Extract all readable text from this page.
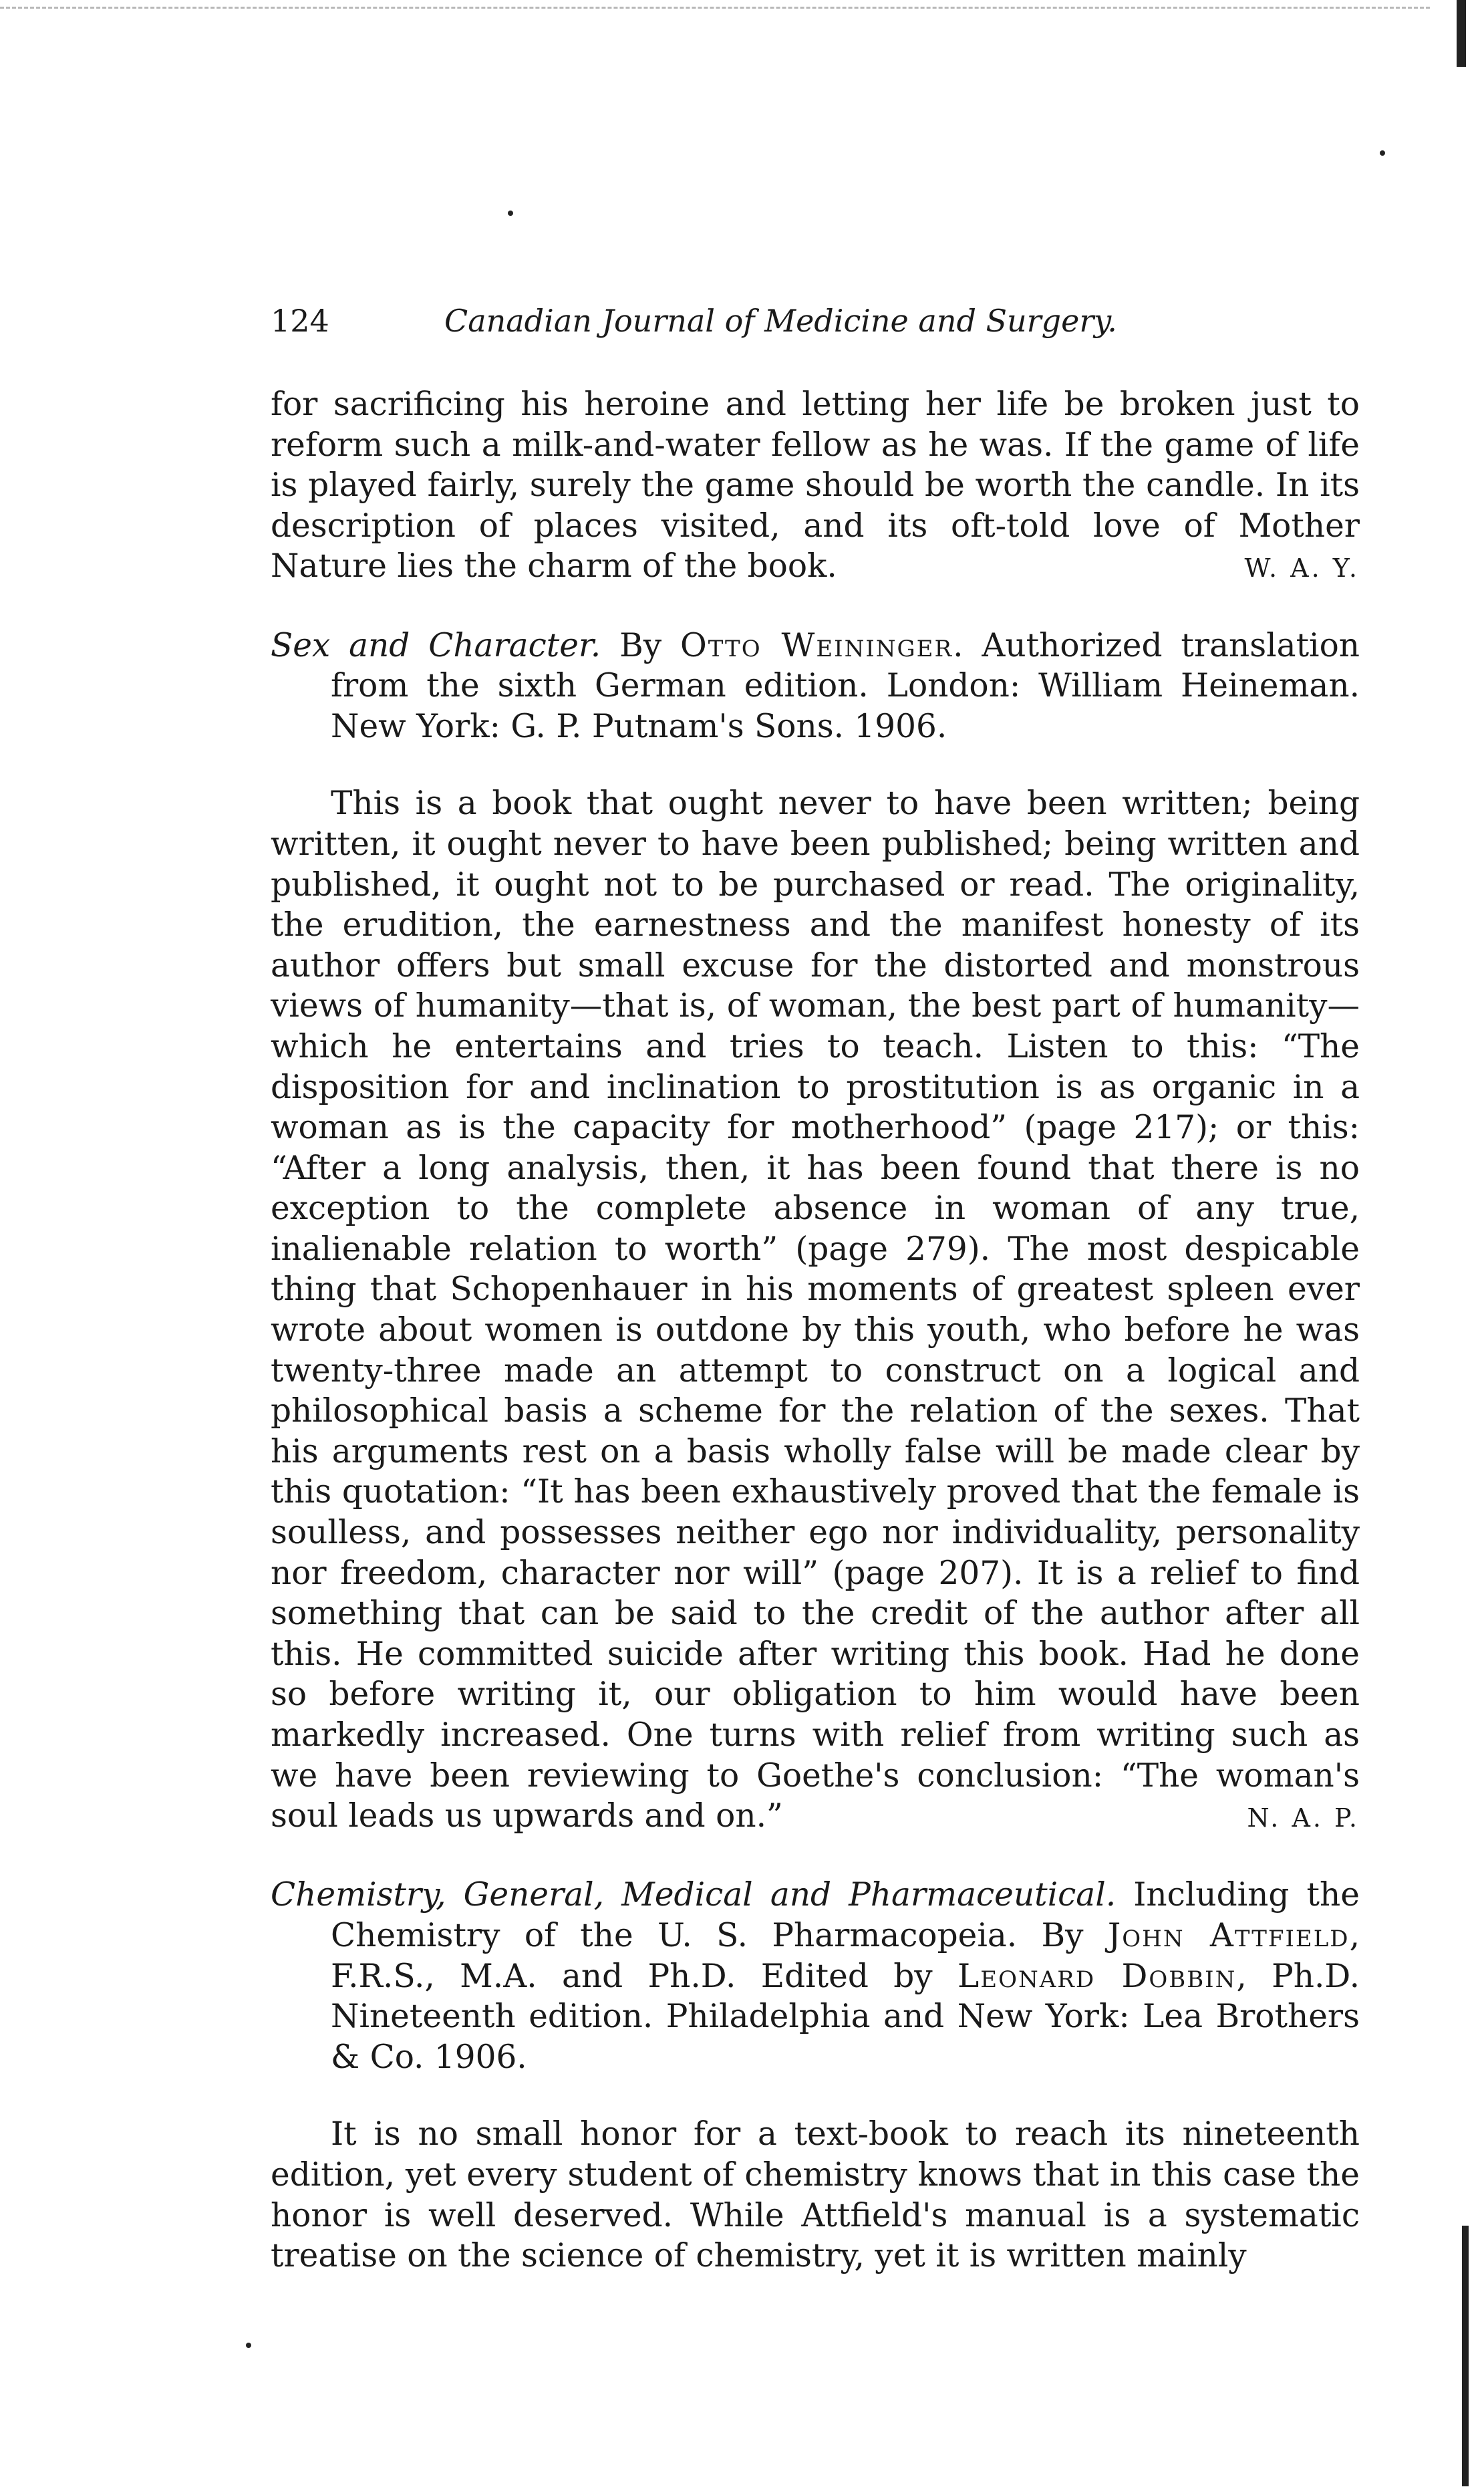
124	Canadian Journal of Medicine and Surgery.

for sacrificing his heroine and letting her life be broken just to reform such a milk-and-water fellow as he was. If the game of life is played fairly, surely the game should be worth the candle. In its description of places visited, and its oft-told love of Mother Nature lies the charm of the book.	W. A. Y.

Sex and Character. By Otto Weininger. Authorized translation from the sixth German edition. London: William Heineman. New York: G. P. Putnam's Sons. 1906.

This is a book that ought never to have been written; being written, it ought never to have been published; being written and published, it ought not to be purchased or read. The originality, the erudition, the earnestness and the manifest honesty of its author offers but small excuse for the distorted and monstrous views of humanity—that is, of woman, the best part of humanity—which he entertains and tries to teach. Listen to this: “The disposition for and inclination to prostitution is as organic in a woman as is the capacity for motherhood” (page 217); or this: “After a long analysis, then, it has been found that there is no exception to the complete absence in woman of any true, inalienable relation to worth” (page 279). The most despicable thing that Schopenhauer in his moments of greatest spleen ever wrote about women is outdone by this youth, who before he was twenty-three made an attempt to construct on a logical and philosophical basis a scheme for the relation of the sexes. That his arguments rest on a basis wholly false will be made clear by this quotation: “It has been exhaustively proved that the female is soulless, and possesses neither ego nor individuality, personality nor freedom, character nor will” (page 207). It is a relief to find something that can be said to the credit of the author after all this. He committed suicide after writing this book. Had he done so before writing it, our obligation to him would have been markedly increased. One turns with relief from writing such as we have been reviewing to Goethe's conclusion: “The woman's soul leads us upwards and on.”	N. A. P.

Chemistry, General, Medical and Pharmaceutical. Including the Chemistry of the U. S. Pharmacopeia. By John Attfield, F.R.S., M.A. and Ph.D. Edited by Leonard Dobbin, Ph.D. Nineteenth edition. Philadelphia and New York: Lea Brothers & Co. 1906.

It is no small honor for a text-book to reach its nineteenth edition, yet every student of chemistry knows that in this case the honor is well deserved. While Attfield's manual is a systematic treatise on the science of chemistry, yet it is written mainly
